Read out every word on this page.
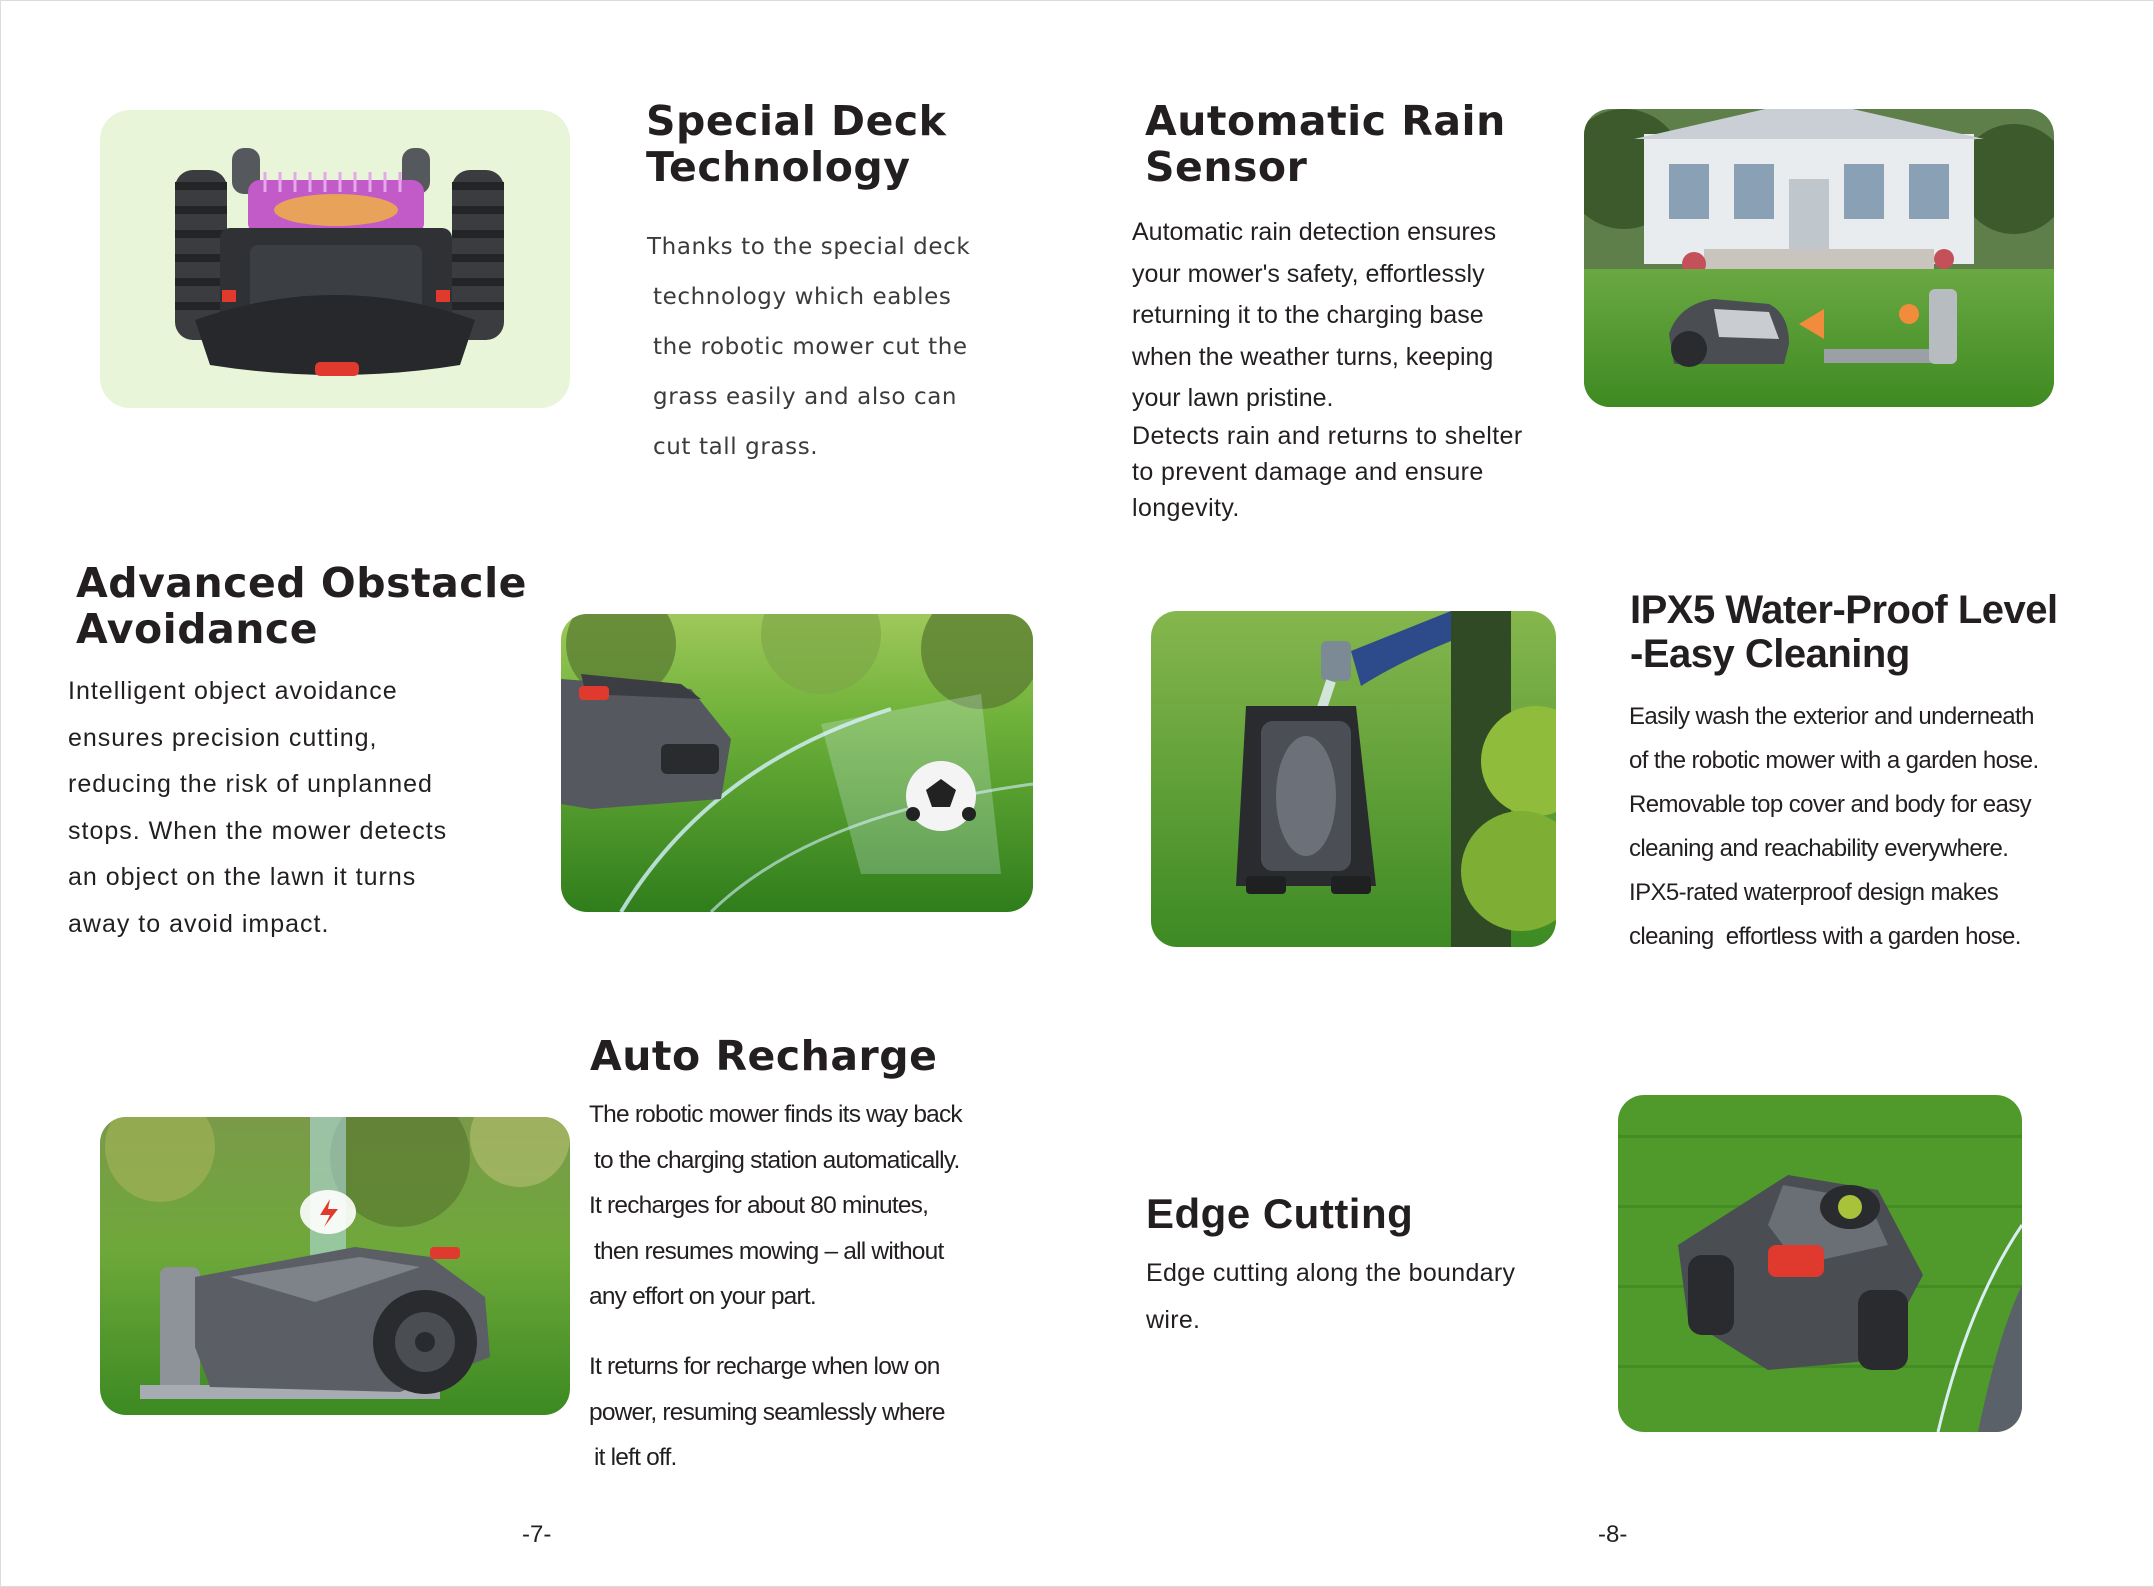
Special Deck
Technology
Thanks to the special deck
technology which eables
the robotic mower cut the
grass easily and also can
cut tall grass.
Automatic Rain
Sensor
Automatic rain detection ensures
your mower's safety, effortlessly
returning it to the charging base
when the weather turns, keeping
your lawn pristine.
Detects rain and returns to shelter
to prevent damage and ensure
longevity.
Advanced Obstacle
Avoidance
Intelligent object avoidance
ensures precision cutting,
reducing the risk of unplanned
stops. When the mower detects
an object on the lawn it turns
away to avoid impact.
IPX5 Water-Proof Level
-Easy Cleaning
Easily wash the exterior and underneath
of the robotic mower with a garden hose.
Removable top cover and body for easy
cleaning and reachability everywhere.
IPX5-rated waterproof design makes
cleaning  effortless with a garden hose.
Auto Recharge
The robotic mower finds its way back
to the charging station automatically.
It recharges for about 80 minutes,
then resumes mowing – all without
any effort on your part.
It returns for recharge when low on
power, resuming seamlessly where
it left off.
Edge Cutting
Edge cutting along the boundary
wire.
-7-	-8-
